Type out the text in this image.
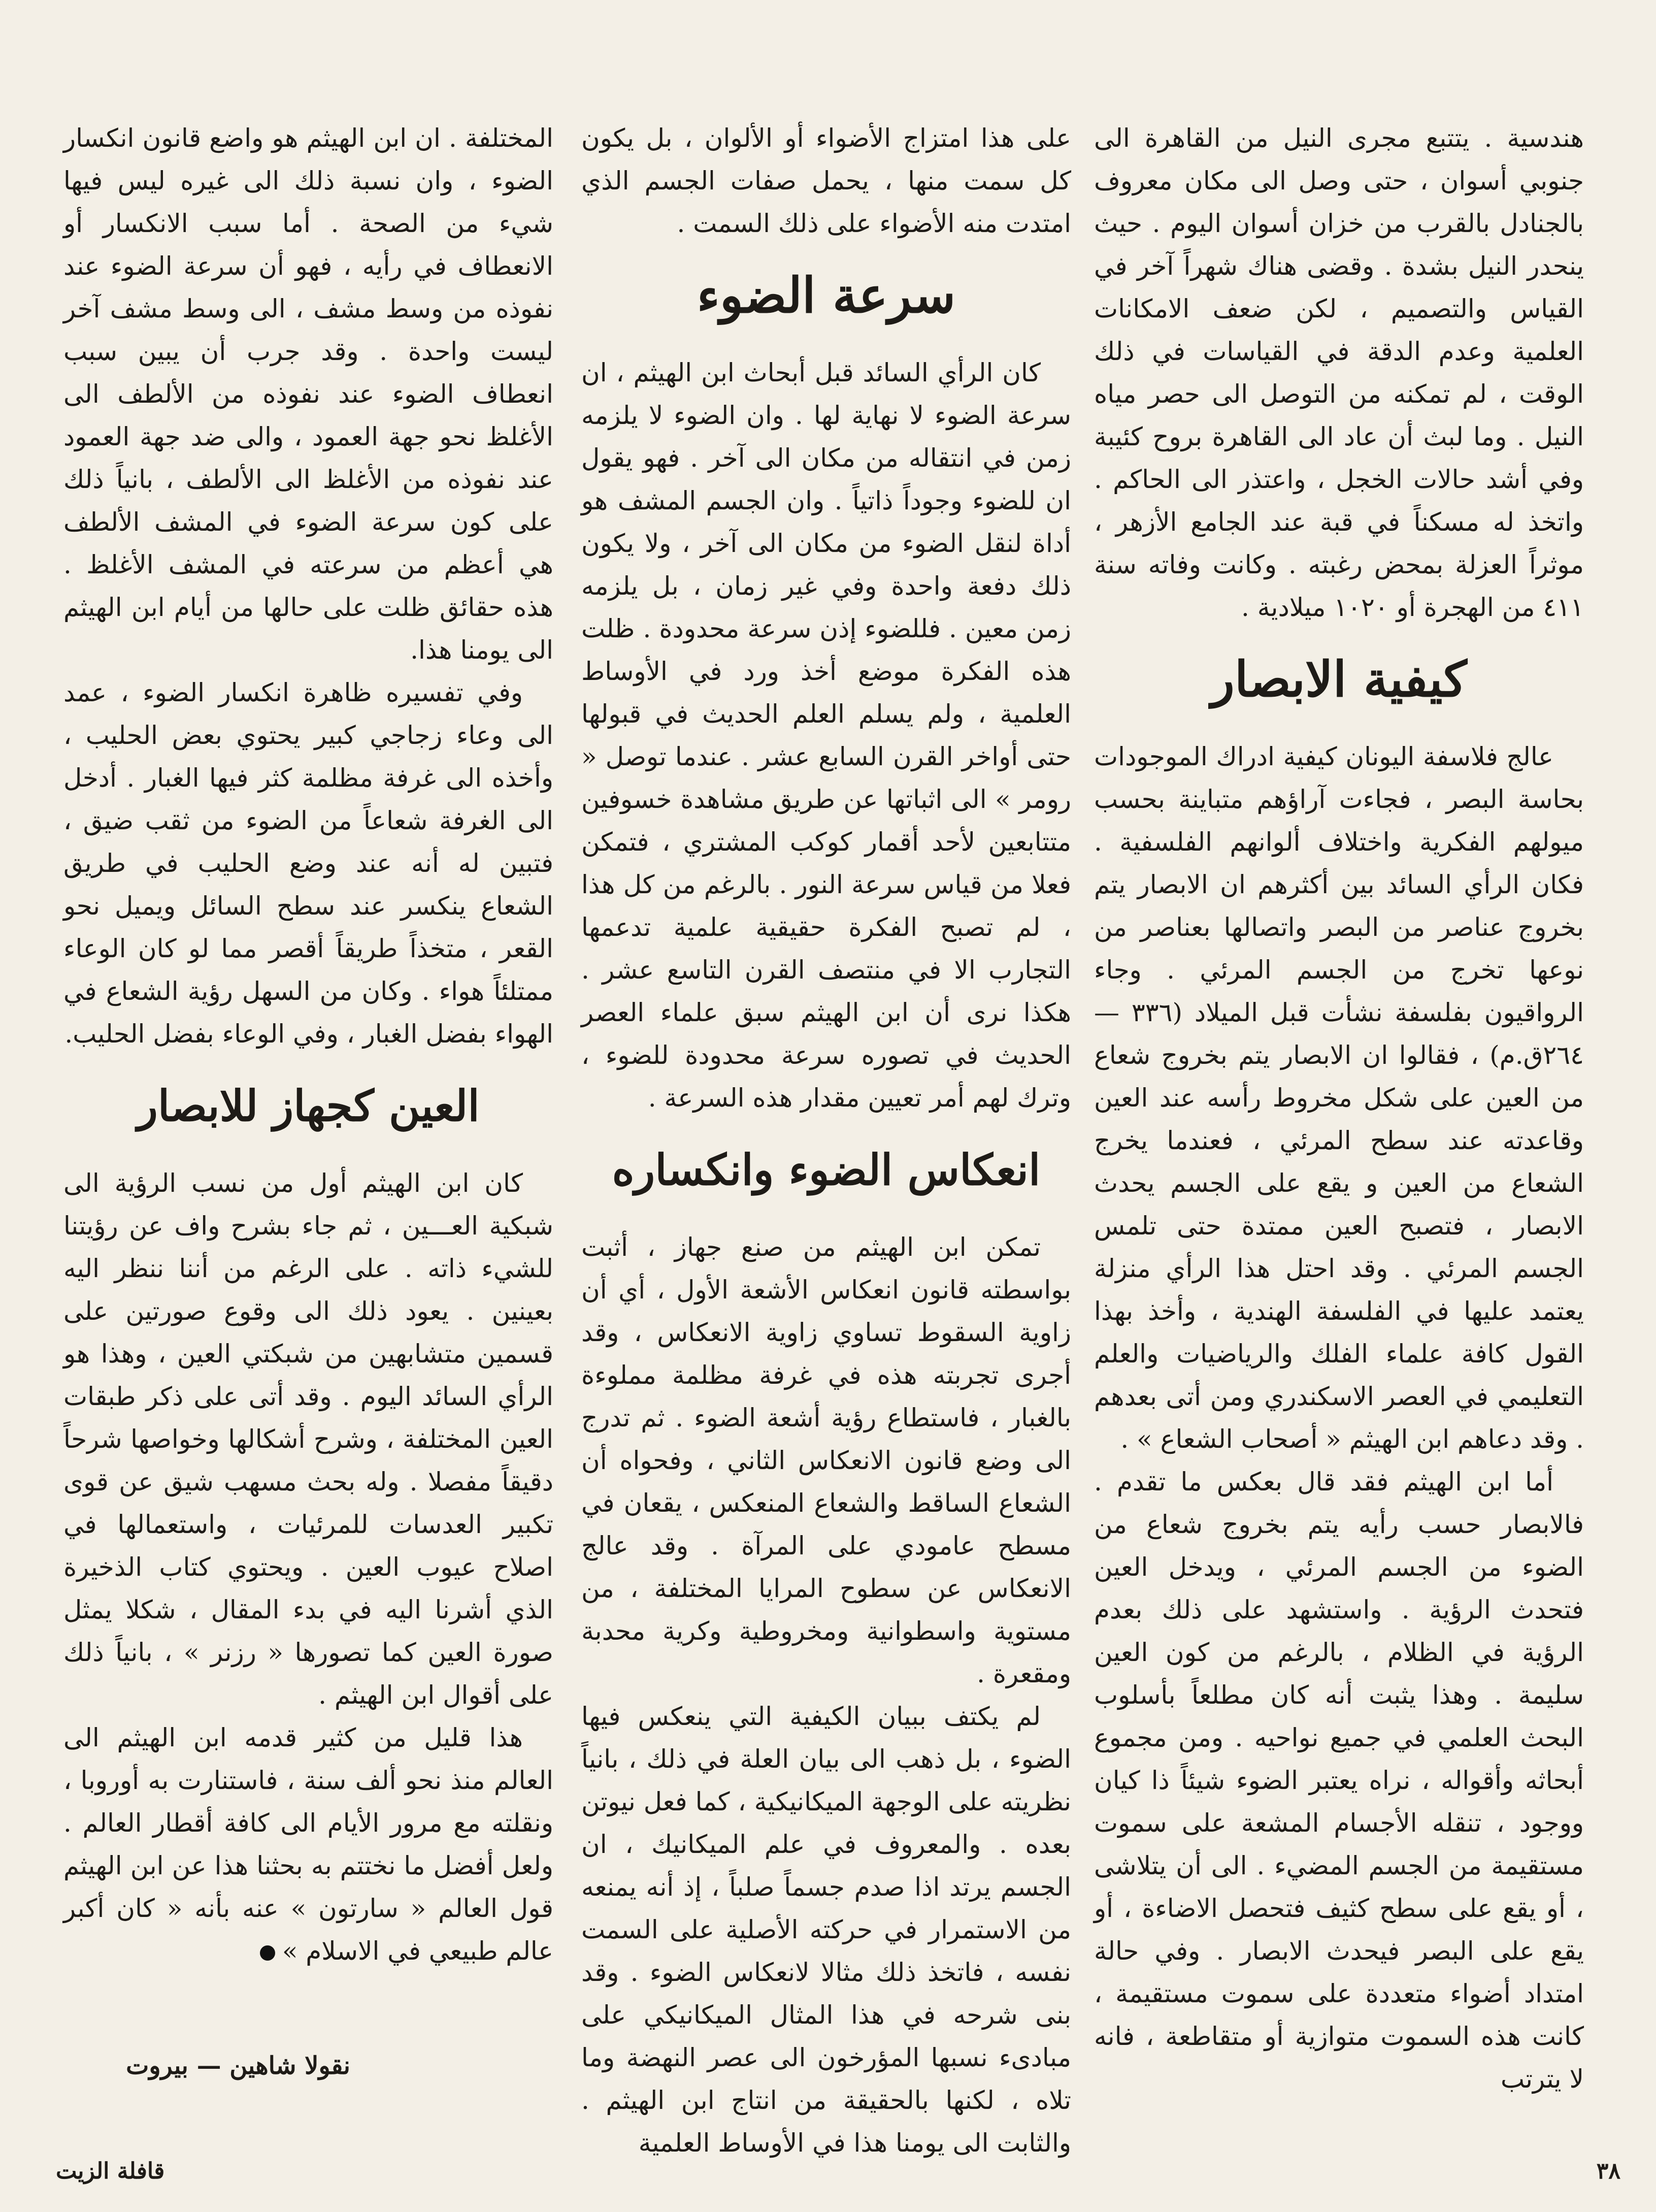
هندسية . يتتبع مجرى النيل من القاهرة الى جنوبي أسوان ، حتى وصل الى مكان معروف بالجنادل بالقرب من خزان أسوان اليوم . حيث ينحدر النيل بشدة . وقضى هناك شهراً آخر في القياس والتصميم ، لكن ضعف الامكانات العلمية وعدم الدقة في القياسات في ذلك الوقت ، لم تمكنه من التوصل الى حصر مياه النيل . وما لبث أن عاد الى القاهرة بروح كئيبة وفي أشد حالات الخجل ، واعتذر الى الحاكم . واتخذ له مسكناً في قبة عند الجامع الأزهر ، موثراً العزلة بمحض رغبته . وكانت وفاته سنة ٤١١ من الهجرة أو ١٠٢٠ ميلادية .

كيفية الابصار

عالج فلاسفة اليونان كيفية ادراك الموجودات بحاسة البصر ، فجاءت آراؤهم متباينة بحسب ميولهم الفكرية واختلاف ألوانهم الفلسفية . فكان الرأي السائد بين أكثرهم ان الابصار يتم بخروج عناصر من البصر واتصالها بعناصر من نوعها تخرج من الجسم المرئي . وجاء الرواقيون بفلسفة نشأت قبل الميلاد (٣٣٦ — ٢٦٤ق.م) ، فقالوا ان الابصار يتم بخروج شعاع من العين على شكل مخروط رأسه عند العين وقاعدته عند سطح المرئي ، فعندما يخرج الشعاع من العين و يقع على الجسم يحدث الابصار ، فتصبح العين ممتدة حتى تلمس الجسم المرئي . وقد احتل هذا الرأي منزلة يعتمد عليها في الفلسفة الهندية ، وأخذ بهذا القول كافة علماء الفلك والرياضيات والعلم التعليمي في العصر الاسكندري ومن أتى بعدهم . وقد دعاهم ابن الهيثم « أصحاب الشعاع » .

أما ابن الهيثم فقد قال بعكس ما تقدم . فالابصار حسب رأيه يتم بخروج شعاع من الضوء من الجسم المرئي ، ويدخل العين فتحدث الرؤية . واستشهد على ذلك بعدم الرؤية في الظلام ، بالرغم من كون العين سليمة . وهذا يثبت أنه كان مطلعاً بأسلوب البحث العلمي في جميع نواحيه . ومن مجموع أبحاثه وأقواله ، نراه يعتبر الضوء شيئاً ذا كيان ووجود ، تنقله الأجسام المشعة على سموت مستقيمة من الجسم المضيء . الى أن يتلاشى ، أو يقع على سطح كثيف فتحصل الاضاءة ، أو يقع على البصر فيحدث الابصار . وفي حالة امتداد أضواء متعددة على سموت مستقيمة ، كانت هذه السموت متوازية أو متقاطعة ، فانه لا يترتب

على هذا امتزاج الأضواء أو الألوان ، بل يكون كل سمت منها ، يحمل صفات الجسم الذي امتدت منه الأضواء على ذلك السمت .

سرعة الضوء

كان الرأي السائد قبل أبحاث ابن الهيثم ، ان سرعة الضوء لا نهاية لها . وان الضوء لا يلزمه زمن في انتقاله من مكان الى آخر . فهو يقول ان للضوء وجوداً ذاتياً . وان الجسم المشف هو أداة لنقل الضوء من مكان الى آخر ، ولا يكون ذلك دفعة واحدة وفي غير زمان ، بل يلزمه زمن معين . فللضوء إذن سرعة محدودة . ظلت هذه الفكرة موضع أخذ ورد في الأوساط العلمية ، ولم يسلم العلم الحديث في قبولها حتى أواخر القرن السابع عشر . عندما توصل « رومر » الى اثباتها عن طريق مشاهدة خسوفين متتابعين لأحد أقمار كوكب المشتري ، فتمكن فعلا من قياس سرعة النور . بالرغم من كل هذا ، لم تصبح الفكرة حقيقية علمية تدعمها التجارب الا في منتصف القرن التاسع عشر . هكذا نرى أن ابن الهيثم سبق علماء العصر الحديث في تصوره سرعة محدودة للضوء ، وترك لهم أمر تعيين مقدار هذه السرعة .

انعكاس الضوء وانكساره

تمكن ابن الهيثم من صنع جهاز ، أثبت بواسطته قانون انعكاس الأشعة الأول ، أي أن زاوية السقوط تساوي زاوية الانعكاس ، وقد أجرى تجربته هذه في غرفة مظلمة مملوءة بالغبار ، فاستطاع رؤية أشعة الضوء . ثم تدرج الى وضع قانون الانعكاس الثاني ، وفحواه أن الشعاع الساقط والشعاع المنعكس ، يقعان في مسطح عامودي على المرآة . وقد عالج الانعكاس عن سطوح المرايا المختلفة ، من مستوية واسطوانية ومخروطية وكرية محدبة ومقعرة .

لم يكتف ببيان الكيفية التي ينعكس فيها الضوء ، بل ذهب الى بيان العلة في ذلك ، بانياً نظريته على الوجهة الميكانيكية ، كما فعل نيوتن بعده . والمعروف في علم الميكانيك ، ان الجسم يرتد اذا صدم جسماً صلباً ، إذ أنه يمنعه من الاستمرار في حركته الأصلية على السمت نفسه ، فاتخذ ذلك مثالا لانعكاس الضوء . وقد بنى شرحه في هذا المثال الميكانيكي على مبادىء نسبها المؤرخون الى عصر النهضة وما تلاه ، لكنها بالحقيقة من انتاج ابن الهيثم . والثابت الى يومنا هذا في الأوساط العلمية

المختلفة . ان ابن الهيثم هو واضع قانون انكسار الضوء ، وان نسبة ذلك الى غيره ليس فيها شيء من الصحة . أما سبب الانكسار أو الانعطاف في رأيه ، فهو أن سرعة الضوء عند نفوذه من وسط مشف ، الى وسط مشف آخر ليست واحدة . وقد جرب أن يبين سبب انعطاف الضوء عند نفوذه من الألطف الى الأغلظ نحو جهة العمود ، والى ضد جهة العمود عند نفوذه من الأغلظ الى الألطف ، بانياً ذلك على كون سرعة الضوء في المشف الألطف هي أعظم من سرعته في المشف الأغلظ . هذه حقائق ظلت على حالها من أيام ابن الهيثم الى يومنا هذا.

وفي تفسيره ظاهرة انكسار الضوء ، عمد الى وعاء زجاجي كبير يحتوي بعض الحليب ، وأخذه الى غرفة مظلمة كثر فيها الغبار . أدخل الى الغرفة شعاعاً من الضوء من ثقب ضيق ، فتبين له أنه عند وضع الحليب في طريق الشعاع ينكسر عند سطح السائل ويميل نحو القعر ، متخذاً طريقاً أقصر مما لو كان الوعاء ممتلئاً هواء . وكان من السهل رؤية الشعاع في الهواء بفضل الغبار ، وفي الوعاء بفضل الحليب.

العين كجهاز للابصار

كان ابن الهيثم أول من نسب الرؤية الى شبكية العـــين ، ثم جاء بشرح واف عن رؤيتنا للشيء ذاته . على الرغم من أننا ننظر اليه بعينين . يعود ذلك الى وقوع صورتين على قسمين متشابهين من شبكتي العين ، وهذا هو الرأي السائد اليوم . وقد أتى على ذكر طبقات العين المختلفة ، وشرح أشكالها وخواصها شرحاً دقيقاً مفصلا . وله بحث مسهب شيق عن قوى تكبير العدسات للمرئيات ، واستعمالها في اصلاح عيوب العين . ويحتوي كتاب الذخيرة الذي أشرنا اليه في بدء المقال ، شكلا يمثل صورة العين كما تصورها « رزنر » ، بانياً ذلك على أقوال ابن الهيثم .

هذا قليل من كثير قدمه ابن الهيثم الى العالم منذ نحو ألف سنة ، فاستنارت به أوروبا ، ونقلته مع مرور الأيام الى كافة أقطار العالم . ولعل أفضل ما نختتم به بحثنا هذا عن ابن الهيثم قول العالم « سارتون » عنه بأنه « كان أكبر عالم طبيعي في الاسلام »

نقولا شاهين — بيروت
٣٨
قافلة الزيت
